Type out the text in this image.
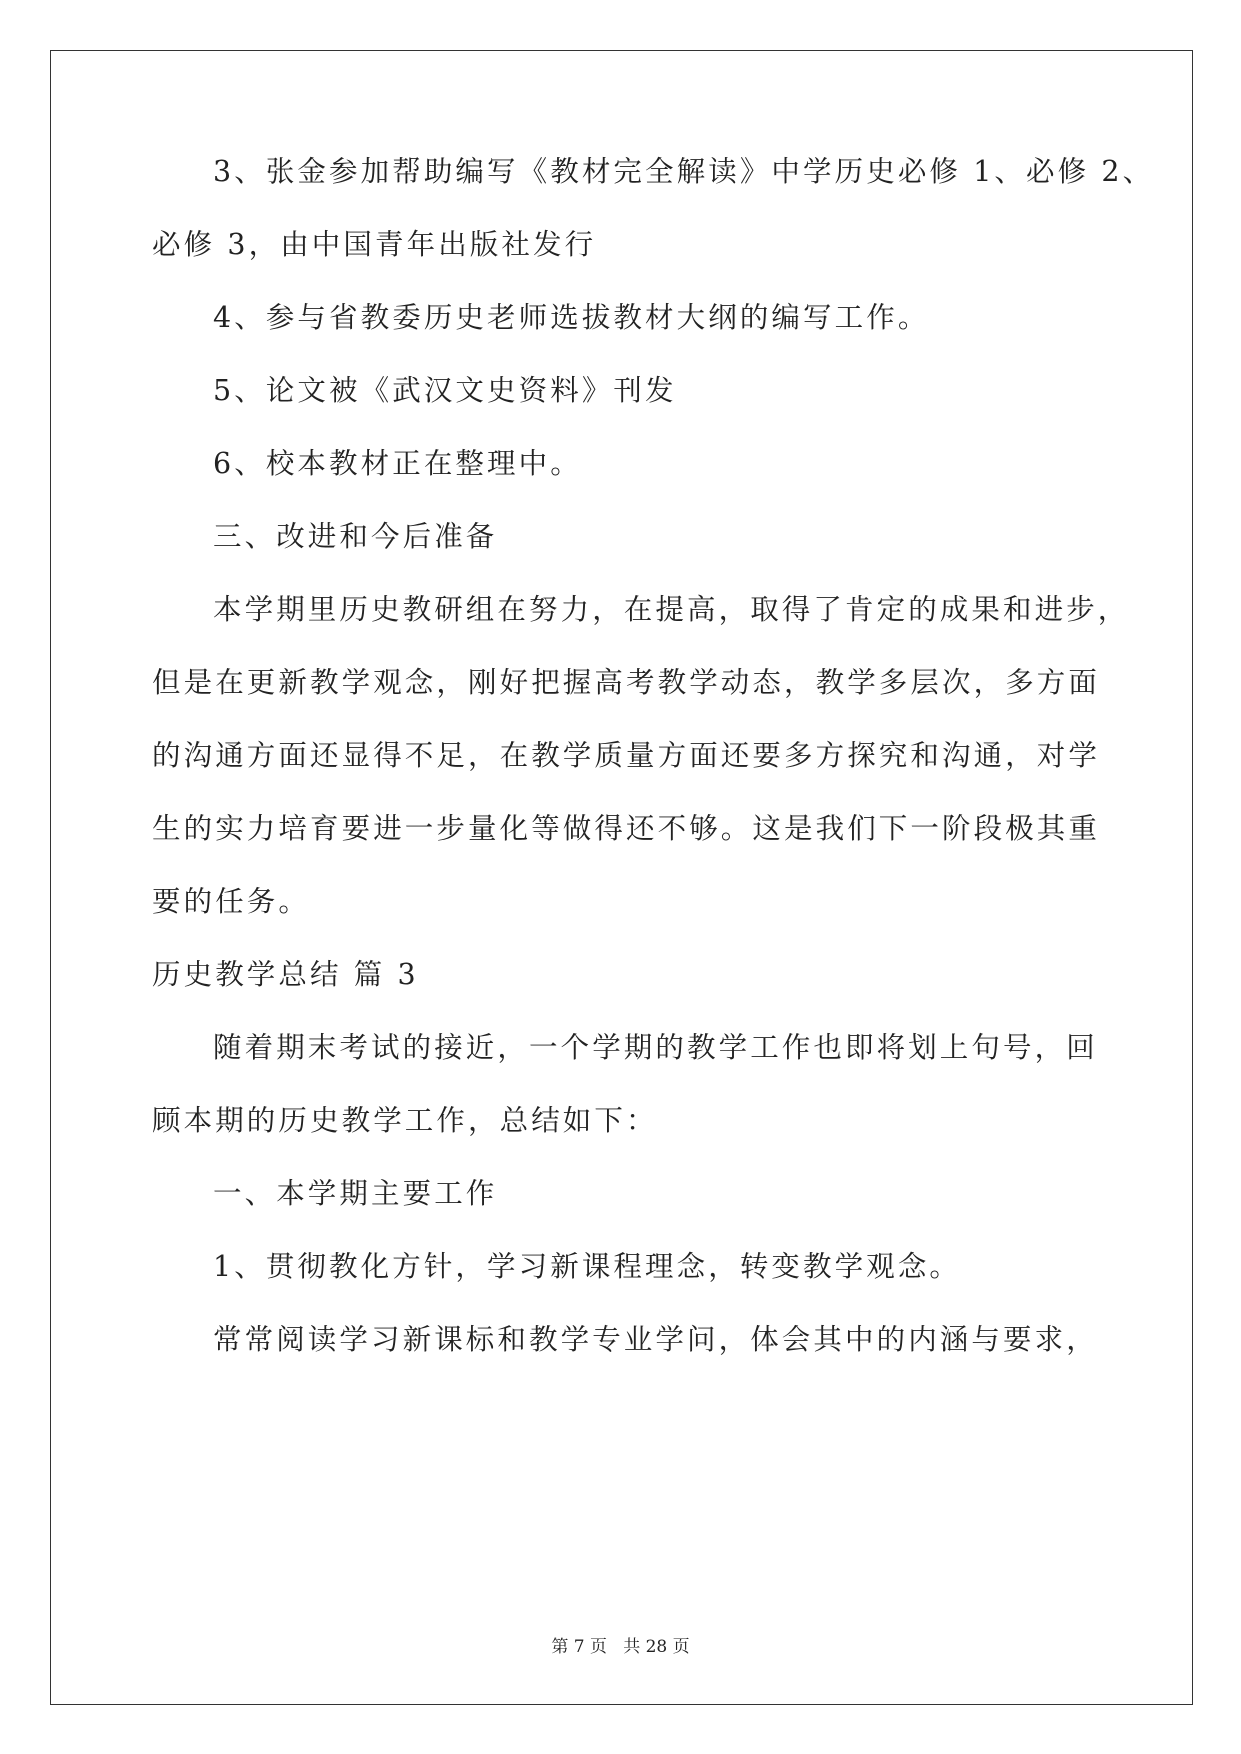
3、张金参加帮助编写《教材完全解读》中学历史必修 1、必修 2、
必修 3，由中国青年出版社发行
4、参与省教委历史老师选拔教材大纲的编写工作。
5、论文被《武汉文史资料》刊发
6、校本教材正在整理中。
三、改进和今后准备
本学期里历史教研组在努力，在提高，取得了肯定的成果和进步，
但是在更新教学观念，刚好把握高考教学动态，教学多层次，多方面
的沟通方面还显得不足，在教学质量方面还要多方探究和沟通，对学
生的实力培育要进一步量化等做得还不够。这是我们下一阶段极其重
要的任务。
历史教学总结 篇 3
随着期末考试的接近，一个学期的教学工作也即将划上句号，回
顾本期的历史教学工作，总结如下：
一、本学期主要工作
1、贯彻教化方针，学习新课程理念，转变教学观念。
常常阅读学习新课标和教学专业学问，体会其中的内涵与要求，
第 7 页   共 28 页
